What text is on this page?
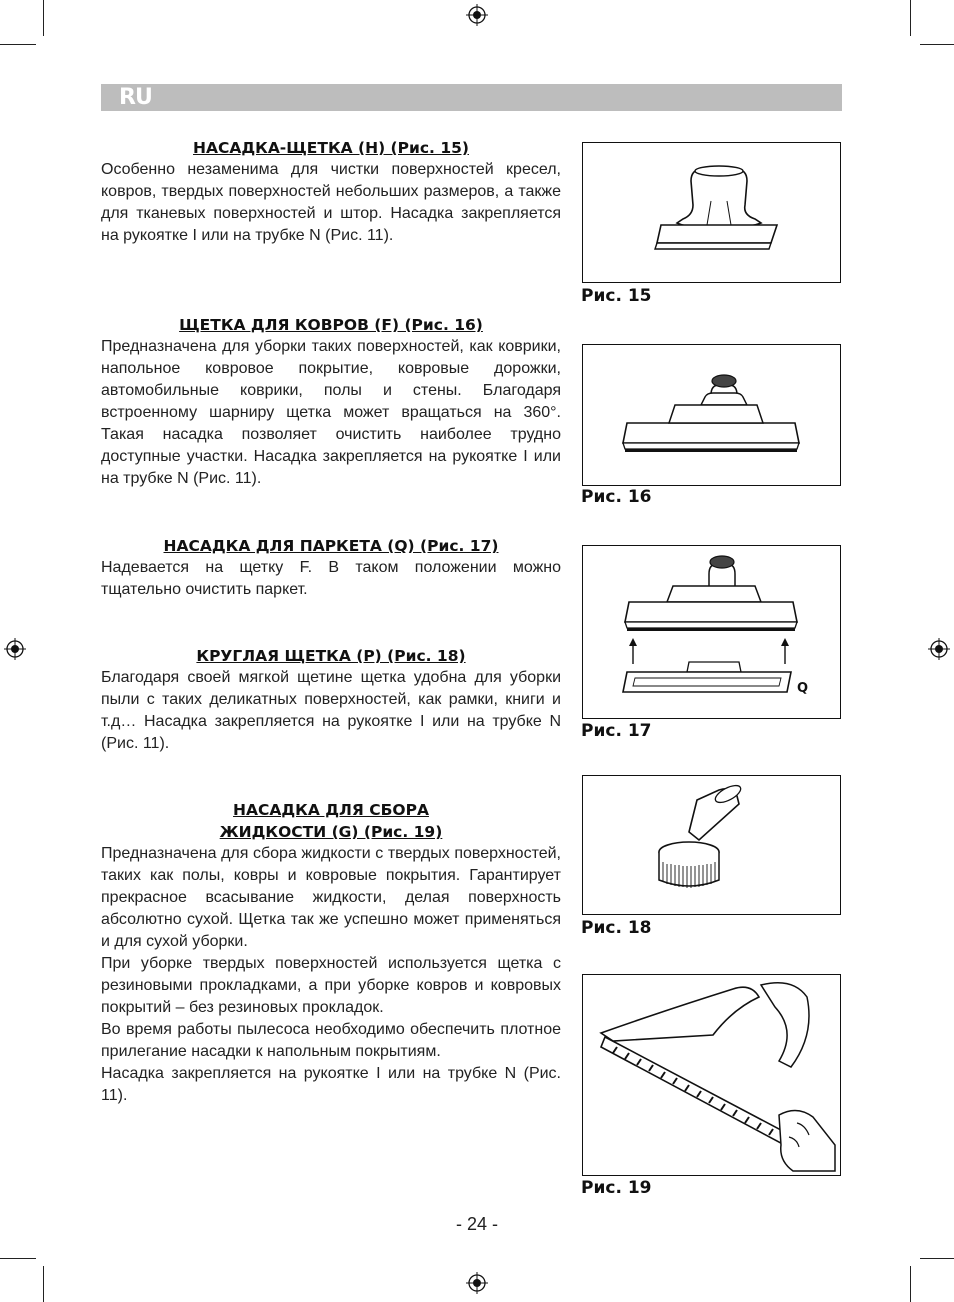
RU
НАСАДКА-ЩЕТКА (H) (Рис. 15)

Особенно незаменима для чистки поверхностей кресел, ковров, твердых поверхностей небольших размеров, а также для тканевых поверхностей и штор. Насадка закрепляется на рукоятке I или на трубке N (Рис. 11).

ЩЕТКА ДЛЯ КОВРОВ (F) (Рис. 16)

Предназначена для уборки таких поверхностей, как коврики, напольное ковровое покрытие, ковровые дорожки, автомобильные коврики, полы и стены. Благодаря встроенному шарниру щетка может вращаться на 360°. Такая насадка позволяет очистить наиболее трудно доступные участки. Насадка закрепляется на рукоятке I или на трубке N (Рис. 11).

НАСАДКА ДЛЯ ПАРКЕТА (Q) (Рис. 17)

Надевается на щетку F. В таком положении можно тщательно очистить паркет.

КРУГЛАЯ ЩЕТКА (P) (Рис. 18)

Благодаря своей мягкой щетине щетка удобна для уборки пыли с таких деликатных поверхностей, как рамки, книги и т.д… Насадка закрепляется на рукоятке I или на трубке N (Рис. 11).

НАСАДКА ДЛЯ СБОРА ЖИДКОСТИ (G) (Рис. 19)

Предназначена для сбора жидкости с твердых поверхностей, таких как полы, ковры и ковровые покрытия. Гарантирует прекрасное всасывание жидкости, делая поверхность абсолютно сухой. Щетка так же успешно может применяться и для сухой уборки.

При уборке твердых поверхностей используется щетка с резиновыми прокладками, а при уборке ковров и ковровых покрытий – без резиновых прокладок.

Во время работы пылесоса необходимо обеспечить плотное прилегание насадки к напольным покрытиям.

Насадка закрепляется на рукоятке I или на трубке N (Рис. 11).

Рис. 15
Рис. 16
Q
Рис. 17
Рис. 18
Рис. 19
- 24 -
